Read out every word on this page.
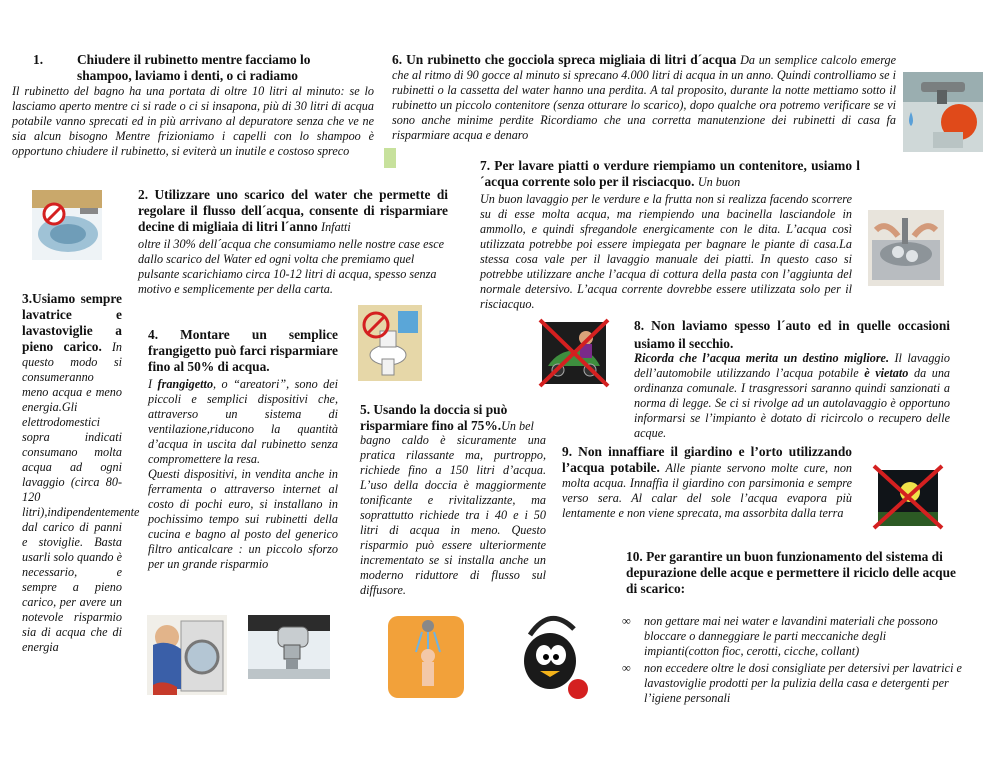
1.	Chiudere il rubinetto mentre facciamo lo shampoo, laviamo i denti, o ci radiamo
Il rubinetto del bagno ha una portata di oltre 10 litri al minuto: se lo lasciamo aperto mentre ci si rade o ci si insapona, più di 30 litri di acqua potabile vanno sprecati ed in più arrivano al depuratore senza che ve ne sia alcun bisogno Mentre frizioniamo i capelli con lo shampoo è opportuno chiudere il rubinetto, si eviterà un inutile e costoso spreco
6. Un rubinetto che gocciola spreca migliaia di litri d´acqua Da un semplice calcolo emerge che al ritmo di 90 gocce al minuto si sprecano 4.000 litri di acqua in un anno. Quindi controlliamo se i rubinetti o la cassetta del water hanno una perdita. A tal proposito, durante la notte mettiamo sotto il rubinetto un piccolo contenitore (senza otturare lo scarico), dopo qualche ora potremo verificare se vi sono anche minime perdite Ricordiamo che una corretta manutenzione dei rubinetti di casa fa risparmiare acqua e denaro
7. Per lavare piatti o verdure riempiamo un contenitore, usiamo l´acqua corrente solo per il risciacquo. Un buon
Un buon lavaggio per le verdure e la frutta non si realizza facendo scorrere su di esse molta acqua, ma riempiendo una bacinella lasciandole in ammollo, e quindi sfregandole energicamente con le dita. L’acqua così utilizzata potrebbe poi essere impiegata per bagnare le piante di casa.La stessa cosa vale per il lavaggio manuale dei piatti. In questo caso si potrebbe utilizzare anche l’acqua di cottura della pasta con l’aggiunta del normale detersivo. L’acqua corrente dovrebbe essere utilizzata solo per il risciacquo.
2. Utilizzare uno scarico del water che permette di regolare il flusso dell´acqua, consente di risparmiare decine di migliaia di litri l´anno Infatti
oltre il 30% dell´acqua che consumiamo nelle nostre case esce dallo scarico del Water ed ogni volta che premiamo quel pulsante scarichiamo circa 10-12 litri di acqua, spesso senza motivo e semplicemente per della carta.
3.Usiamo sempre lavatrice e lavastoviglie a pieno carico. In questo modo si consumeranno meno acqua e meno energia.Gli elettrodomestici sopra indicati consumano molta acqua ad ogni lavaggio (circa 80-120 litri),indipendentemente dal carico di panni e stoviglie. Basta usarli solo quando è necessario, e sempre a pieno carico, per avere un notevole risparmio sia di acqua che di energia
4. Montare un semplice frangigetto può farci risparmiare fino al 50% di acqua.
I frangigetto, o “areatori”, sono dei piccoli e semplici dispositivi che, attraverso un sistema di ventilazione,riducono la quantità d’acqua in uscita dal rubinetto senza compromettere la resa.
Questi dispositivi, in vendita anche in ferramenta o attraverso internet al costo di pochi euro, si installano in pochissimo tempo sui rubinetti della cucina e bagno al posto del generico filtro anticalcare : un piccolo sforzo per un grande risparmio
5. Usando la doccia si può risparmiare fino al 75%.Un bel
bagno caldo è sicuramente una pratica rilassante ma, purtroppo, richiede fino a 150 litri d’acqua. L’uso della doccia è maggiormente tonificante e rivitalizzante, ma soprattutto richiede tra i 40 e i 50 litri di acqua in meno. Questo risparmio può essere ulteriormente incrementato se si installa anche un moderno riduttore di flusso sul diffusore.
8. Non laviamo spesso l´auto ed in quelle occasioni usiamo il secchio.
Ricorda che l’acqua merita un destino migliore. Il lavaggio dell’automobile utilizzando l’acqua potabile è vietato da una ordinanza comunale. I trasgressori saranno quindi sanzionati a norma di legge. Se ci si rivolge ad un autolavaggio è opportuno informarsi se l’impianto è dotato di ricircolo o recupero delle acque.
9. Non innaffiare il giardino e l’orto utilizzando l’acqua potabile. Alle piante servono molte cure, non molta acqua. Innaffia il giardino con parsimonia e sempre verso sera. Al calar del sole l’acqua evapora più lentamente e non viene sprecata, ma assorbita dalla terra
10. Per garantire un buon funzionamento del sistema di depurazione delle acque e permettere il riciclo delle acque di scarico:
∞ non gettare mai nei water e lavandini materiali che possono bloccare o danneggiare le parti meccaniche degli impianti(cotton fioc, cerotti, cicche, collant)
∞ non eccedere oltre le dosi consigliate per detersivi per lavatrici e lavastoviglie prodotti per la pulizia della casa e detergenti per l’igiene personali
